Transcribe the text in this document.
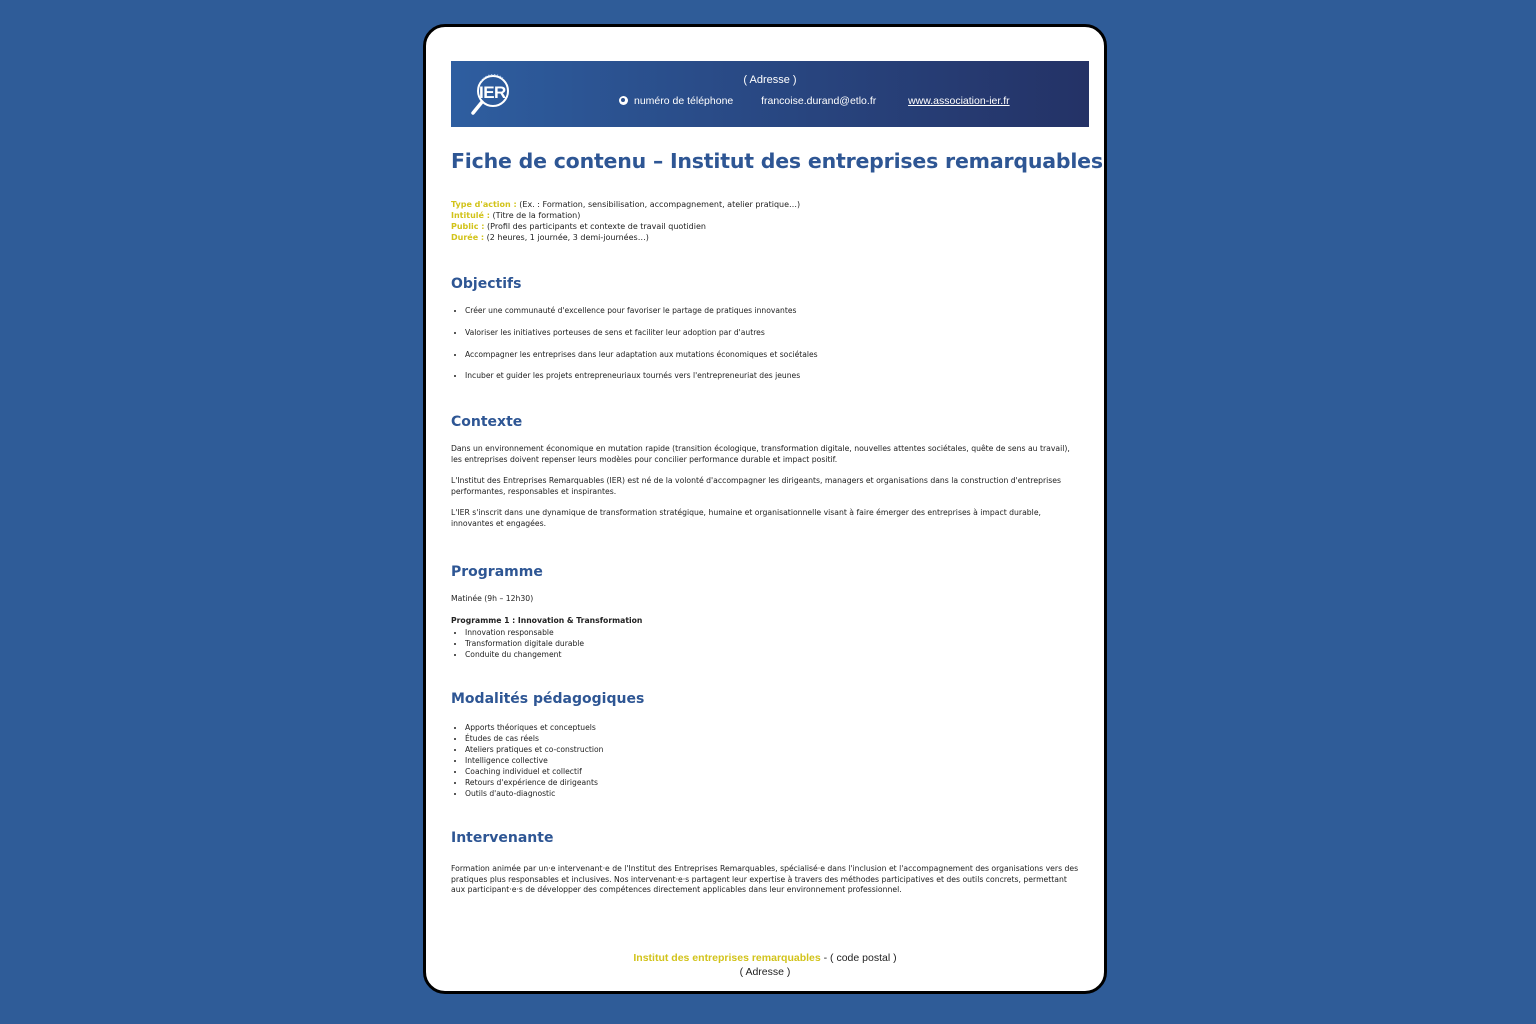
IER
( Adresse )
numéro de téléphone	francoise.durand@etlo.fr	www.association-ier.fr
Fiche de contenu – Institut des entreprises remarquables
Type d'action : (Ex. : Formation, sensibilisation, accompagnement, atelier pratique…)
Intitulé : (Titre de la formation)
Public : (Profil des participants et contexte de travail quotidien
Durée : (2 heures, 1 journée, 3 demi-journées…)
Objectifs
• Créer une communauté d'excellence pour favoriser le partage de pratiques innovantes
• Valoriser les initiatives porteuses de sens et faciliter leur adoption par d'autres
• Accompagner les entreprises dans leur adaptation aux mutations économiques et sociétales
• Incuber et guider les projets entrepreneuriaux tournés vers l'entrepreneuriat des jeunes
Contexte

Dans un environnement économique en mutation rapide (transition écologique, transformation digitale, nouvelles attentes sociétales, quête de sens au travail), les entreprises doivent repenser leurs modèles pour concilier performance durable et impact positif.

L'Institut des Entreprises Remarquables (IER) est né de la volonté d'accompagner les dirigeants, managers et organisations dans la construction d'entreprises performantes, responsables et inspirantes.

L'IER s'inscrit dans une dynamique de transformation stratégique, humaine et organisationnelle visant à faire émerger des entreprises à impact durable, innovantes et engagées.

Programme
Matinée (9h – 12h30)
Programme 1 : Innovation & Transformation
• Innovation responsable
• Transformation digitale durable
• Conduite du changement
Modalités pédagogiques
• Apports théoriques et conceptuels
• Études de cas réels
• Ateliers pratiques et co-construction
• Intelligence collective
• Coaching individuel et collectif
• Retours d'expérience de dirigeants
• Outils d'auto-diagnostic
Intervenante
Formation animée par un·e intervenant·e de l'Institut des Entreprises Remarquables, spécialisé·e dans l'inclusion et l'accompagnement des organisations vers des pratiques plus responsables et inclusives. Nos intervenant·e·s partagent leur expertise à travers des méthodes participatives et des outils concrets, permettant aux participant·e·s de développer des compétences directement applicables dans leur environnement professionnel.
Institut des entreprises remarquables - ( code postal )
( Adresse )
